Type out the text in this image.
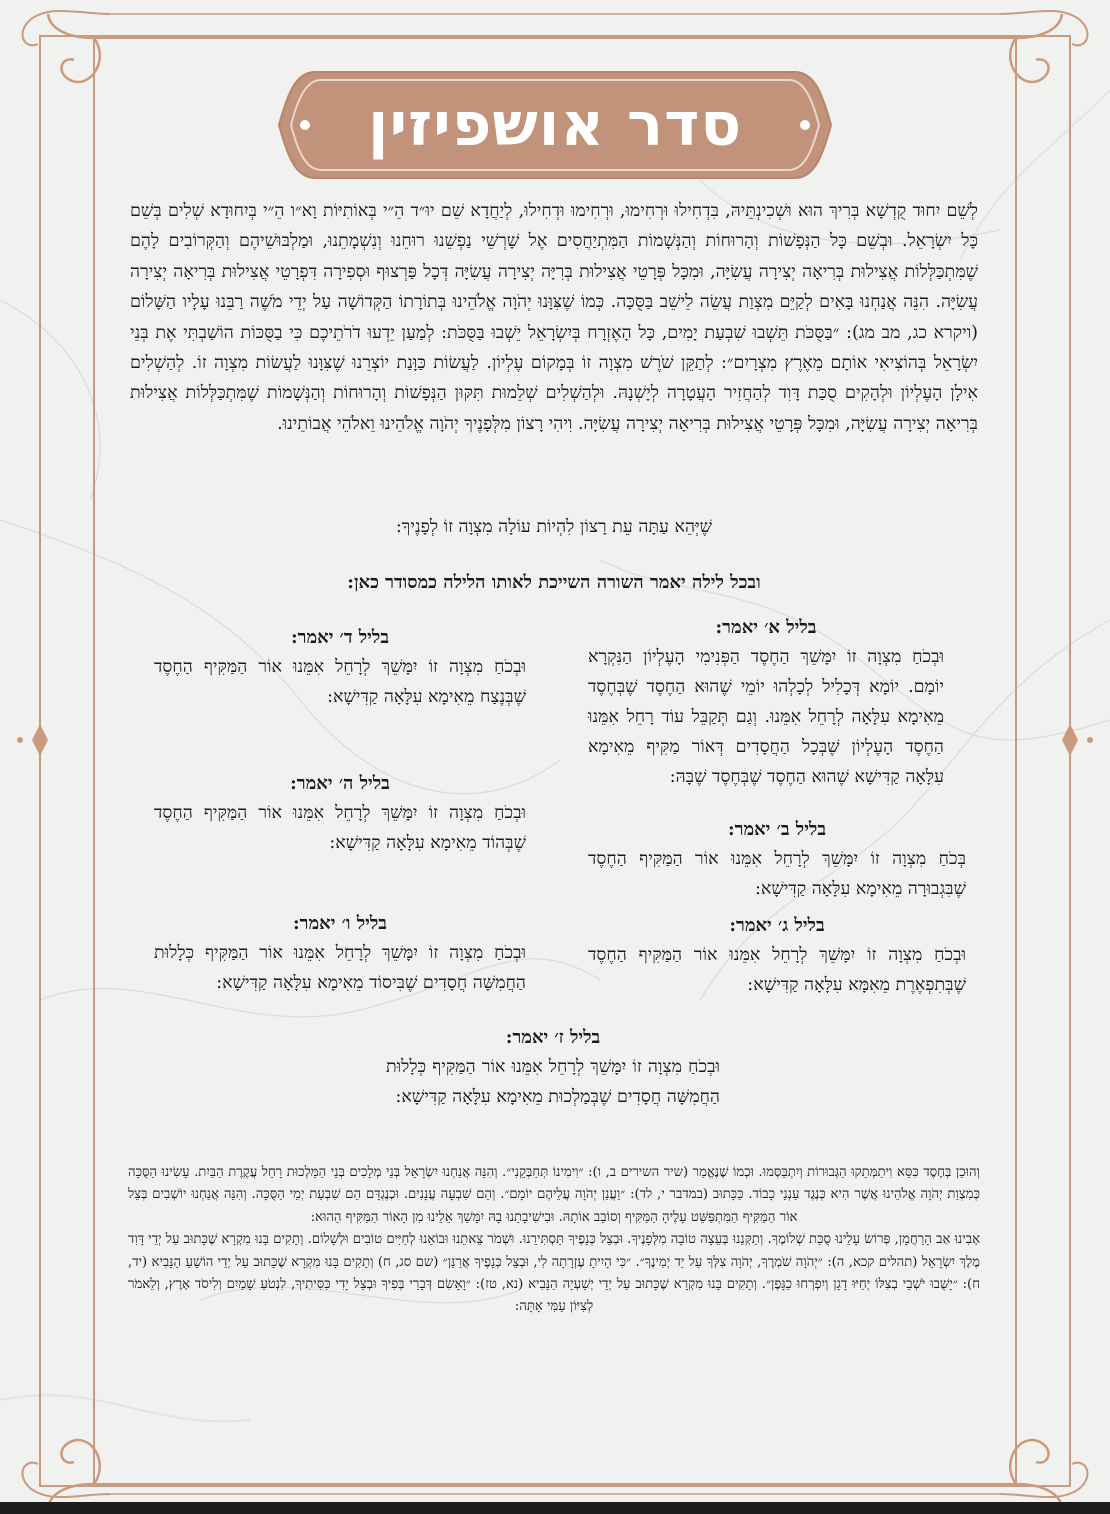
סדר אושפיזין
לְשֵׁם יִחוּד קֻדְשָׁא בְּרִיךְ הוּא וּשְׁכִינְתֵּיהּ, בִּדְחִילוּ וּרְחִימוּ, וּרְחִימוּ וּדְחִילוּ, לְיַחֲדָא שֵׁם יוּ״ד הֵ״י בְּאוֹתִיּוֹת וָא״ו הֵ״י בְּיִחוּדָא שְׁלִים בְּשֵׁם כָּל יִשְׂרָאֵל. וּבְשֵׁם כָּל הַנְּפָשׁוֹת וְהָרוּחוֹת וְהַנְּשָׁמוֹת הַמִּתְיַחֲסִים אֶל שָׁרְשֵׁי נַפְשֵׁנוּ רוּחֵנוּ וְנִשְׁמָתֵנוּ, וּמַלְבּוּשֵׁיהֶם וְהַקְּרוֹבִים לָהֶם שֶׁמִּתְכַּלְּלוֹת אֲצִילוּת בְּרִיאָה יְצִירָה עֲשִׂיָּה, וּמִכָּל פְּרָטֵי אֲצִילוּת בְּרִיָּה יְצִירָה עֲשִׂיָּה דְּכָל פַּרְצוּף וּסְפִירָה דִּפְרָטֵי אֲצִילוּת בְּרִיאָה יְצִירָה עֲשִׂיָּה. הִנֵּה אֲנַחְנוּ בָּאִים לְקַיֵּם מִצְוַת עֲשֵׂה לֵישֵׁב בַּסֻּכָּה. כְּמוֹ שֶׁצִּוָּנוּ יְהֹוָה אֱלֹהֵינוּ בְּתוֹרָתוֹ הַקְּדוֹשָׁה עַל יְדֵי מֹשֶׁה רַבֵּנוּ עָלָיו הַשָּׁלוֹם (ויקרא כג, מב מג): ״בַּסֻּכֹּת תֵּשְׁבוּ שִׁבְעַת יָמִים, כָּל הָאֶזְרָח בְּיִשְׂרָאֵל יֵשְׁבוּ בַּסֻּכֹּת: לְמַעַן יֵדְעוּ דֹרֹתֵיכֶם כִּי בַסֻּכּוֹת הוֹשַׁבְתִּי אֶת בְּנֵי יִשְׂרָאֵל בְּהוֹצִיאִי אוֹתָם מֵאֶרֶץ מִצְרָיִם״: לְתַקֵּן שֹׁרֶשׁ מִצְוָה זוֹ בְּמָקוֹם עֶלְיוֹן. לַעֲשׂוֹת כַּוָּנַת יוֹצְרֵנוּ שֶׁצִּוָּנוּ לַעֲשׂוֹת מִצְוָה זוֹ. לְהַשְׁלִים אִילָן הָעֶלְיוֹן וּלְהָקִים סֻכַּת דָּוִד לְהַחֲזִיר הָעֲטָרָה לְיָשְׁנָהּ. וּלְהַשְׁלִים שְׁלֵמוּת תִּקּוּן הַנְּפָשׁוֹת וְהָרוּחוֹת וְהַנְּשָׁמוֹת שֶׁמִּתְכַּלְּלוֹת אֲצִילוּת בְּרִיאָה יְצִירָה עֲשִׂיָּה, וּמִכָּל פְּרָטֵי אֲצִילוּת בְּרִיאָה יְצִירָה עֲשִׂיָּה. וִיהִי רָצוֹן מִלְּפָנֶיךָ יְהֹוָה אֱלֹהֵינוּ וֵאלֹהֵי אֲבוֹתֵינוּ.
שֶׁיְּהֵא עַתָּה עֵת רָצוֹן לִהְיוֹת עוֹלָה מִצְוָה זוֹ לְפָנֶיךָ:
ובכל לילה יאמר השורה השייכת לאותו הלילה כמסודר כאן:
בליל א׳ יאמר:
וּבְכֹחַ מִצְוָה זוֹ יִמָּשֵׁךְ הַחֶסֶד הַפְּנִימִי הָעֶלְיוֹן הַנִּקְרָא יוֹמָם. יוֹמָא דְּכָלִיל לְכָלְהוּ יוֹמֵי שֶׁהוּא הַחֶסֶד שֶׁבְּחֶסֶד מֵאִימָא עִלָּאָה לְרָחֵל אִמֵּנוּ. וְגַם תְּקַבֵּל עוֹד רָחֵל אִמֵּנוּ הַחֶסֶד הָעֶלְיוֹן שֶׁבְּכָל הַחֲסָדִים דְּאוֹר מַקִּיף מֵאִימָא עִלָּאָה קַדִּישָׁא שֶׁהוּא הַחֶסֶד שֶׁבְּחֶסֶד שֶׁבָּהּ:
בליל ב׳ יאמר:
בְּכֹחַ מִצְוָה זוֹ יִמָּשֵׁךְ לְרָחֵל אִמֵּנוּ אוֹר הַמַּקִּיף הַחֶסֶד שֶׁבִּגְבוּרָה מֵאִימָא עִלָּאָה קַדִּישָׁא:
בליל ג׳ יאמר:
וּבְכֹחַ מִצְוָה זוֹ יִמָּשֵׁךְ לְרָחֵל אִמֵּנוּ אוֹר הַמַּקִּיף הַחֶסֶד שֶׁבְּתִפְאֶרֶת מֵאִמָּא עִלָּאָה קַדִּישָׁא:
בליל ד׳ יאמר:
וּבְכֹחַ מִצְוָה זוֹ יִמָּשֵׁךְ לְרָחֵל אִמֵּנוּ אוֹר הַמַּקִּיף הַחֶסֶד שֶׁבְּנֶצַח מֵאִימָא עִלָּאָה קַדִּישָׁא:
בליל ה׳ יאמר:
וּבְכֹחַ מִצְוָה זוֹ יִמָּשֵׁךְ לְרָחֵל אִמֵּנוּ אוֹר הַמַּקִּיף הַחֶסֶד שֶׁבְּהוֹד מֵאִימָא עִלָּאָה קַדִּישָׁא:
בליל ו׳ יאמר:
וּבְכֹחַ מִצְוָה זוֹ יִמָּשֵׁךְ לְרָחֵל אִמֵּנוּ אוֹר הַמַּקִּיף כְּלָלוּת הַחֲמִשָּׁה חֲסָדִים שֶׁבִּיסוֹד מֵאִימָא עִלָּאָה קַדִּישָׁא:
בליל ז׳ יאמר:
וּבְכֹחַ מִצְוָה זוֹ יִמָּשֵׁךְ לְרָחֵל אִמֵּנוּ אוֹר הַמַּקִּיף כְּלָלוּת הַחֲמִשָּׁה חֲסָדִים שֶׁבְּמַלְכוּת מֵאִימָא עִלָּאָה קַדִּישָׁא:

וְהוּכַן בְּחֶסֶד כִּסֵּא וִיתַמְּתֵקוּ הַגְּבוּרוֹת וְיִתְבַּסְּמוּ. וּכְמוֹ שֶׁנֶּאֱמַר (שיר השירים ב, ו): ״וִימִינוֹ תְּחַבְּקֵנִי״. וְהִנֵּה אֲנַחְנוּ יִשְׂרָאֵל בְּנֵי מְלָכִים בְּנֵי הַמַּלְכוּת רָחֵל עֲקֶרֶת הַבַּיִת. עָשִׂינוּ הַסֻּכָּה כְּמִצְוַת יְהֹוָה אֱלֹהֵינוּ אֲשֶׁר הִיא כְּנֶגֶד עַנְנֵי כָבוֹד. כַּכָּתוּב (במדבר י, לד): ״וַעֲנַן יְהֹוָה עֲלֵיהֶם יוֹמָם״. וְהֵם שִׁבְעָה עֲנָנִים. וּכְנֶגְדָּם הֵם שִׁבְעַת יְמֵי הַסֻּכָּה. וְהִנֵּה אֲנַחְנוּ יוֹשְׁבִים בְּצֵל אוֹר הַמַּקִּיף הַמִּתְפַּשֵּׁט עָלֶיהָ הַמַּקִּיף וְסוֹבֵב אוֹתָהּ. וּבִישִׁיבָתֵנוּ בָהּ יִמָּשֵׁךְ אֵלֵינוּ מִן הָאוֹר הַמַּקִּיף הַהוּא:

אָבִינוּ אַב הָרַחֲמָן, פְּרוֹשׂ עָלֵינוּ סֻכַּת שְׁלוֹמֶךָ. וְתַקְּנֵנוּ בְּעֵצָה טוֹבָה מִלְּפָנֶיךָ. וּבְצֵל כְּנָפֶיךָ תַּסְתִּירֵנוּ. וּשְׁמֹר צֵאתֵנוּ וּבוֹאֵנוּ לְחַיִּים טוֹבִים וּלְשָׁלוֹם. וְתָקִים בָּנוּ מִקְרָא שֶׁכָּתוּב עַל יְדֵי דָּוִד מֶלֶךְ יִשְׂרָאֵל (תהלים קכא, ה): ״יְהֹוָה שֹׁמְרֶךָ, יְהֹוָה צִלְּךָ עַל יַד יְמִינֶךָ״. ״כִּי הָיִיתָ עֶזְרָתָה לִי, וּבְצֵל כְּנָפֶיךָ אֲרַנֵּן״ (שם סג, ח) וְתָקִים בָּנוּ מִקְרָא שֶׁכָּתוּב עַל יְדֵי הוֹשֵׁעַ הַנָּבִיא (יד, ח): ״יָשֻׁבוּ יֹשְׁבֵי בְצִלּוֹ יְחַיּוּ דָגָן וְיִפְרְחוּ כַגָּפֶן״. וְתָקִים בָּנוּ מִקְרָא שֶׁכָּתוּב עַל יְדֵי יְשַׁעְיָה הַנָּבִיא (נא, טז): ״וָאָשִׂם דְּבָרַי בְּפִיךָ וּבְצֵל יָדִי כִּסִּיתִיךָ, לִנְטֹעַ שָׁמַיִם וְלִיסֹד אָרֶץ, וְלֵאמֹר לְצִיּוֹן עַמִּי אָתָּה:
